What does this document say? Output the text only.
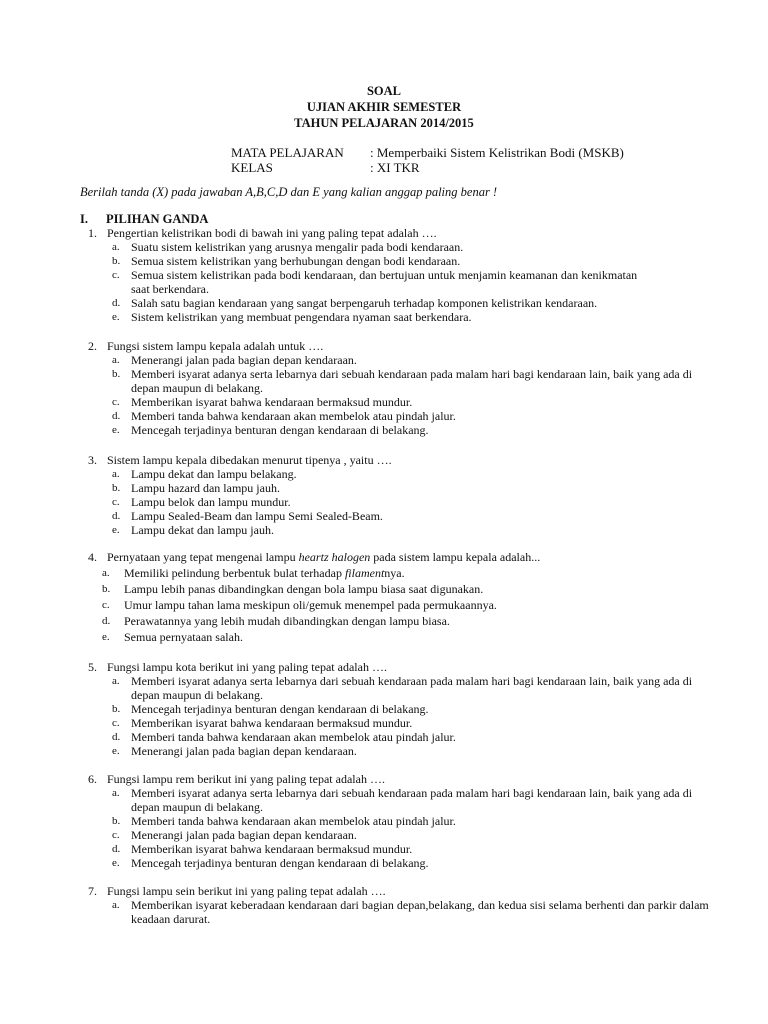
SOAL
UJIAN AKHIR SEMESTER
TAHUN PELAJARAN 2014/2015
MATA PELAJARAN : Memperbaiki Sistem Kelistrikan Bodi (MSKB)
KELAS	: XI TKR
Berilah tanda (X) pada jawaban A,B,C,D dan E yang kalian anggap paling benar !
I. PILIHAN GANDA
1. Pengertian kelistrikan bodi di bawah ini yang paling tepat adalah ….
a. Suatu sistem kelistrikan yang arusnya mengalir pada bodi kendaraan.
b. Semua sistem kelistrikan yang berhubungan dengan bodi kendaraan.
c. Semua sistem kelistrikan pada bodi kendaraan, dan bertujuan untuk menjamin keamanan dan kenikmatan saat berkendara.
d. Salah satu bagian kendaraan yang sangat berpengaruh terhadap komponen kelistrikan kendaraan.
e. Sistem kelistrikan yang membuat pengendara nyaman saat berkendara.
2. Fungsi sistem lampu kepala adalah untuk ….
a. Menerangi jalan pada bagian depan kendaraan.
b. Memberi isyarat adanya serta lebarnya dari sebuah kendaraan pada malam hari bagi kendaraan lain, baik yang ada di depan maupun di belakang.
c. Memberikan isyarat bahwa kendaraan bermaksud mundur.
d. Memberi tanda bahwa kendaraan akan membelok atau pindah jalur.
e. Mencegah terjadinya benturan dengan kendaraan di belakang.
3. Sistem lampu kepala dibedakan menurut tipenya , yaitu ….
a. Lampu dekat dan lampu belakang.
b. Lampu hazard dan lampu jauh.
c. Lampu belok dan lampu mundur.
d. Lampu Sealed-Beam dan lampu Semi Sealed-Beam.
e. Lampu dekat dan lampu jauh.
4. Pernyataan yang tepat mengenai lampu heartz halogen pada sistem lampu kepala adalah...
a. Memiliki pelindung berbentuk bulat terhadap filamentnya.
b. Lampu lebih panas dibandingkan dengan bola lampu biasa saat digunakan.
c. Umur lampu tahan lama meskipun oli/gemuk menempel pada permukaannya.
d. Perawatannya yang lebih mudah dibandingkan dengan lampu biasa.
e. Semua pernyataan salah.
5. Fungsi lampu kota berikut ini yang paling tepat adalah ….
a. Memberi isyarat adanya serta lebarnya dari sebuah kendaraan pada malam hari bagi kendaraan lain, baik yang ada di depan maupun di belakang.
b. Mencegah terjadinya benturan dengan kendaraan di belakang.
c. Memberikan isyarat bahwa kendaraan bermaksud mundur.
d. Memberi tanda bahwa kendaraan akan membelok atau pindah jalur.
e. Menerangi jalan pada bagian depan kendaraan.
6. Fungsi lampu rem berikut ini yang paling tepat adalah ….
a. Memberi isyarat adanya serta lebarnya dari sebuah kendaraan pada malam hari bagi kendaraan lain, baik yang ada di depan maupun di belakang.
b. Memberi tanda bahwa kendaraan akan membelok atau pindah jalur.
c. Menerangi jalan pada bagian depan kendaraan.
d. Memberikan isyarat bahwa kendaraan bermaksud mundur.
e. Mencegah terjadinya benturan dengan kendaraan di belakang.
7. Fungsi lampu sein berikut ini yang paling tepat adalah ….
a. Memberikan isyarat keberadaan kendaraan dari bagian depan,belakang, dan kedua sisi selama berhenti dan parkir dalam keadaan darurat.
